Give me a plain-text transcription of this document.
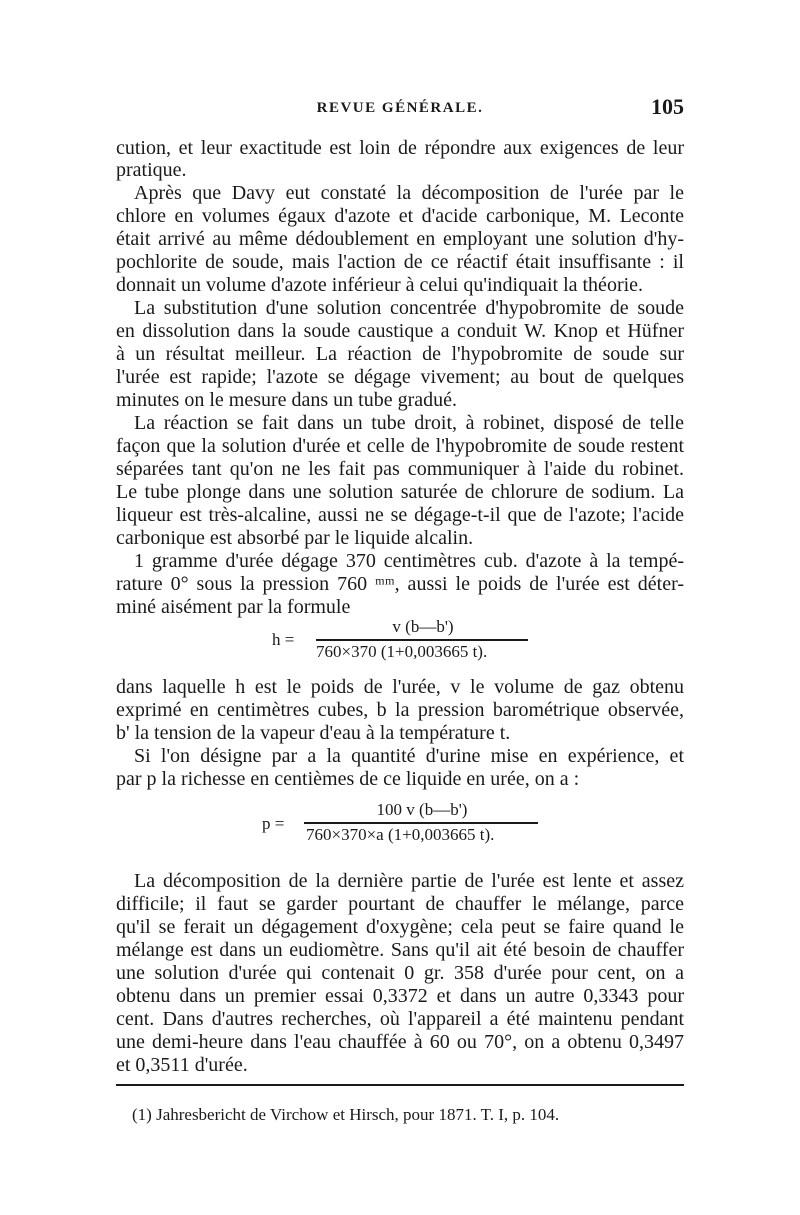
REVUE GÉNÉRALE.	105
cution, et leur exactitude est loin de répondre aux exigences de leur
pratique.
Après que Davy eut constaté la décomposition de l'urée par le
chlore en volumes égaux d'azote et d'acide carbonique, M. Leconte
était arrivé au même dédoublement en employant une solution d'hy-
pochlorite de soude, mais l'action de ce réactif était insuffisante : il
donnait un volume d'azote inférieur à celui qu'indiquait la théorie.
La substitution d'une solution concentrée d'hypobromite de soude
en dissolution dans la soude caustique a conduit W. Knop et Hüfner
à un résultat meilleur. La réaction de l'hypobromite de soude sur
l'urée est rapide; l'azote se dégage vivement; au bout de quelques
minutes on le mesure dans un tube gradué.
La réaction se fait dans un tube droit, à robinet, disposé de telle
façon que la solution d'urée et celle de l'hypobromite de soude restent
séparées tant qu'on ne les fait pas communiquer à l'aide du robinet.
Le tube plonge dans une solution saturée de chlorure de sodium. La
liqueur est très-alcaline, aussi ne se dégage-t-il que de l'azote; l'acide
carbonique est absorbé par le liquide alcalin.
1 gramme d'urée dégage 370 centimètres cub. d'azote à la tempé-
rature 0° sous la pression 760 ᵐᵐ, aussi le poids de l'urée est déter-
miné aisément par la formule
h =
v (b—b')
760×370 (1+0,003665 t).
dans laquelle h est le poids de l'urée, v le volume de gaz obtenu
exprimé en centimètres cubes, b la pression barométrique observée,
b' la tension de la vapeur d'eau à la température t.
Si l'on désigne par a la quantité d'urine mise en expérience, et
par p la richesse en centièmes de ce liquide en urée, on a :
p =
100 v (b—b')
760×370×a (1+0,003665 t).
La décomposition de la dernière partie de l'urée est lente et assez
difficile; il faut se garder pourtant de chauffer le mélange, parce
qu'il se ferait un dégagement d'oxygène; cela peut se faire quand le
mélange est dans un eudiomètre. Sans qu'il ait été besoin de chauffer
une solution d'urée qui contenait 0 gr. 358 d'urée pour cent, on a
obtenu dans un premier essai 0,3372 et dans un autre 0,3343 pour
cent. Dans d'autres recherches, où l'appareil a été maintenu pendant
une demi-heure dans l'eau chauffée à 60 ou 70°, on a obtenu 0,3497
et 0,3511 d'urée.
(1) Jahresbericht de Virchow et Hirsch, pour 1871. T. I, p. 104.
